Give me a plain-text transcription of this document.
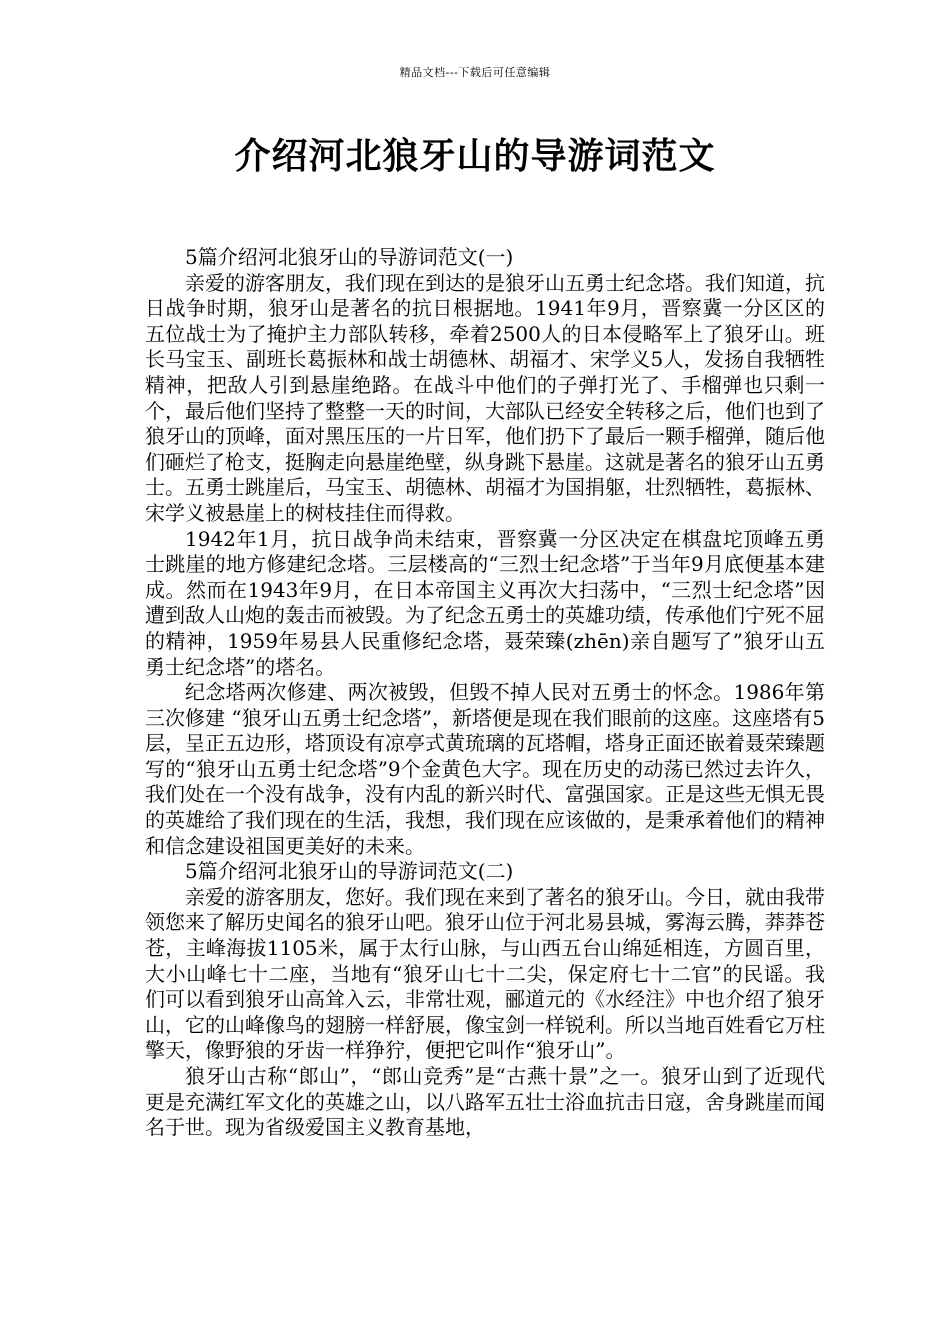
精品文档---下载后可任意编辑
介绍河北狼牙山的导游词范文

5篇介绍河北狼牙山的导游词范文(一)

亲爱的游客朋友，我们现在到达的是狼牙山五勇士纪念塔。我们知道，抗日战争时期，狼牙山是著名的抗日根据地。1941年9月，晋察冀一分区区的五位战士为了掩护主力部队转移，牵着2500人的日本侵略军上了狼牙山。班长马宝玉、副班长葛振林和战士胡德林、胡福才、宋学义5人，发扬自我牺牲精神，把敌人引到悬崖绝路。在战斗中他们的子弹打光了、手榴弹也只剩一个，最后他们坚持了整整一天的时间，大部队已经安全转移之后，他们也到了狼牙山的顶峰，面对黑压压的一片日军，他们扔下了最后一颗手榴弹，随后他们砸烂了枪支，挺胸走向悬崖绝壁，纵身跳下悬崖。这就是著名的狼牙山五勇士。五勇士跳崖后，马宝玉、胡德林、胡福才为国捐躯，壮烈牺牲，葛振林、宋学义被悬崖上的树枝挂住而得救。

1942年1月，抗日战争尚未结束，晋察冀一分区决定在棋盘坨顶峰五勇士跳崖的地方修建纪念塔。三层楼高的“三烈士纪念塔”于当年9月底便基本建成。然而在1943年9月，在日本帝国主义再次大扫荡中，“三烈士纪念塔”因遭到敌人山炮的轰击而被毁。为了纪念五勇士的英雄功绩，传承他们宁死不屈的精神，1959年易县人民重修纪念塔，聂荣臻(zhēn)亲自题写了”狼牙山五勇士纪念塔”的塔名。

纪念塔两次修建、两次被毁，但毁不掉人民对五勇士的怀念。1986年第三次修建 “狼牙山五勇士纪念塔”，新塔便是现在我们眼前的这座。这座塔有5层，呈正五边形，塔顶设有凉亭式黄琉璃的瓦塔帽，塔身正面还嵌着聂荣臻题写的“狼牙山五勇士纪念塔”9个金黄色大字。现在历史的动荡已然过去许久，我们处在一个没有战争，没有内乱的新兴时代、富强国家。正是这些无惧无畏的英雄给了我们现在的生活，我想，我们现在应该做的，是秉承着他们的精神和信念建设祖国更美好的未来。

5篇介绍河北狼牙山的导游词范文(二)

亲爱的游客朋友，您好。我们现在来到了著名的狼牙山。今日，就由我带领您来了解历史闻名的狼牙山吧。狼牙山位于河北易县城，雾海云腾，莽莽苍苍，主峰海拔1105米，属于太行山脉，与山西五台山绵延相连，方圆百里，大小山峰七十二座，当地有“狼牙山七十二尖，保定府七十二官”的民谣。我们可以看到狼牙山高耸入云，非常壮观，郦道元的《水经注》中也介绍了狼牙山，它的山峰像鸟的翅膀一样舒展，像宝剑一样锐利。所以当地百姓看它万柱擎天，像野狼的牙齿一样狰狞，便把它叫作“狼牙山”。

狼牙山古称“郎山”，“郎山竞秀”是“古燕十景”之一。狼牙山到了近现代更是充满红军文化的英雄之山，以八路军五壮士浴血抗击日寇，舍身跳崖而闻名于世。现为省级爱国主义教育基地，
